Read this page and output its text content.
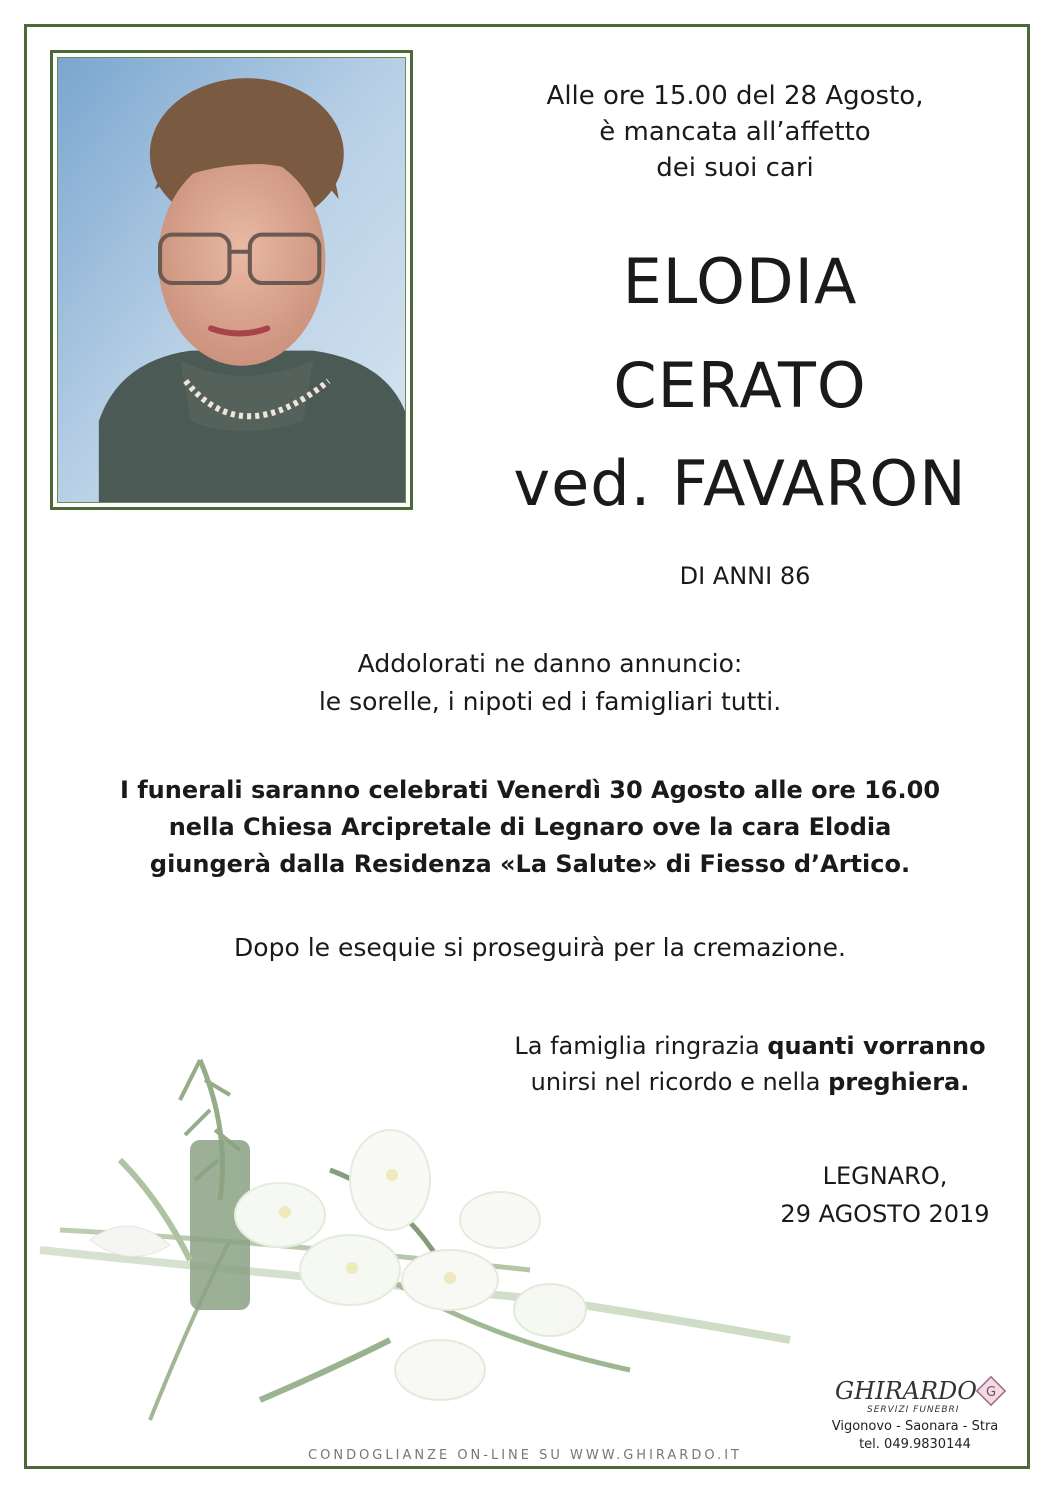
Alle ore 15.00 del 28 Agosto,
è mancata all’affetto
dei suoi cari
ELODIA
CERATO
ved. FAVARON
DI ANNI 86
Addolorati ne danno annuncio:
le sorelle, i nipoti ed i famigliari tutti.
I funerali saranno celebrati Venerdì 30 Agosto alle ore 16.00
nella Chiesa Arcipretale di Legnaro ove la cara Elodia
giungerà dalla Residenza «La Salute» di Fiesso d’Artico.
Dopo le esequie si proseguirà per la cremazione.
La famiglia ringrazia quanti vorranno
unirsi nel ricordo e nella preghiera.
LEGNARO,
29 AGOSTO 2019
CONDOGLIANZE ON-LINE SU WWW.GHIRARDO.IT
GHIRARDO
SERVIZI FUNEBRI
G
Vigonovo - Saonara - Stra
tel. 049.9830144
